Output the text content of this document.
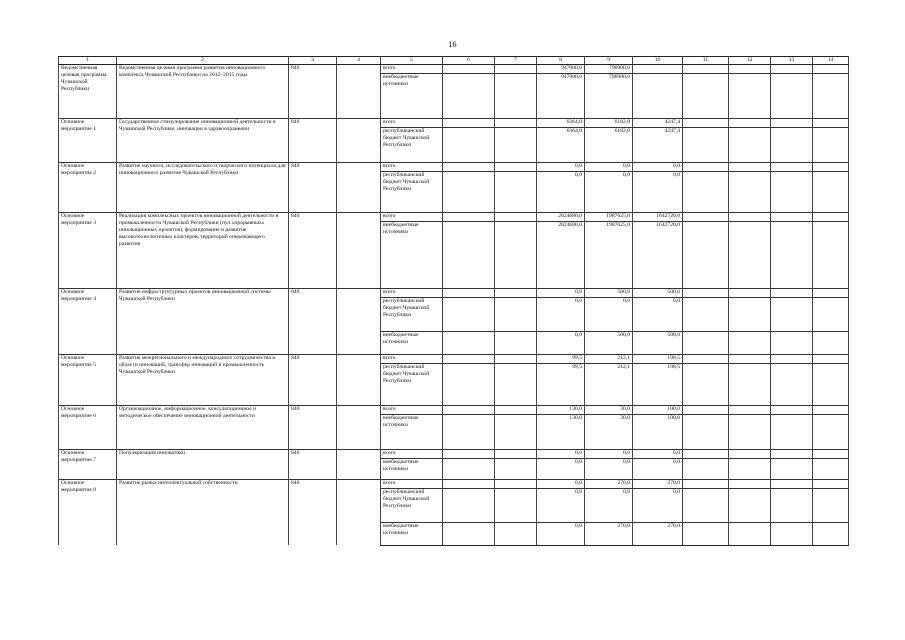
16
1	2	3	4	5	6	7	8	9	10	11	12	13	14
Ведомственная целевая программа Чувашской Республики	Ведомственная целевая программа развития инновационного комплекса Чувашской Республики на 2012–2015 годы	840		всего			947000,0	796900,0					
				внебюджетные источники			947000,0	796900,0					
Основное мероприятие 1	Государственное стимулирование инновационной деятельности в Чувашской Республике, инновации в здравоохранении	840		всего			6364,0	6182,0	4247,4				
				республиканский бюджет Чувашской Республики			6364,0	6182,0	4247,4				
Основное мероприятие 2	Развитие научного, исследовательского и творческого потенциала для инновационного развития Чувашской Республики	840		всего			0,0	0,0	0,0				
				республиканский бюджет Чувашской Республики			0,0	0,0	0,0				
Основное мероприятие 3	Реализация комплексных проектов инновационной деятельности в промышленности Чувашской Республики (пул «прорывных» инновационных проектов), формирование и развитие высокотехнологичных кластеров, территорий опережающего развития	840		всего			2824680,0	1987625,0	1642720,0				
				внебюджетные источники			2824680,0	1987625,0	1642720,0				
Основное мероприятие 4	Развитие инфраструктурных проектов инновационной системы Чувашской Республики	840		всего			0,0	500,0	500,0				
				республиканский бюджет Чувашской Республики			0,0	0,0	0,0				
				внебюджетные источники			0,0	500,0	500,0				
Основное мероприятие 5	Развитие межрегионального и международного сотрудничества в области инноваций, трансфер инноваций в промышленность Чувашской Республики	840		всего			99,5	212,1	198,5				
				республиканский бюджет Чувашской Республики			99,5	212,1	198,5				
Основное мероприятие 6	Организационное, информационное, консультационное и методическое обеспечение инновационной деятельности	840		всего			130,0	30,0	100,0				
				внебюджетные источники			130,0	30,0	100,0				
Основное мероприятие 7	Популяризация инноватики	840		всего			0,0	0,0	0,0				
				внебюджетные источники			0,0	0,0	0,0				
Основное мероприятие 8	Развитие рынка интеллектуальной собственности	840		всего			0,0	270,0	270,0				
				республиканский бюджет Чувашской Республики			0,0	0,0	0,0				
				внебюджетные источники			0,0	270,0	270,0				
